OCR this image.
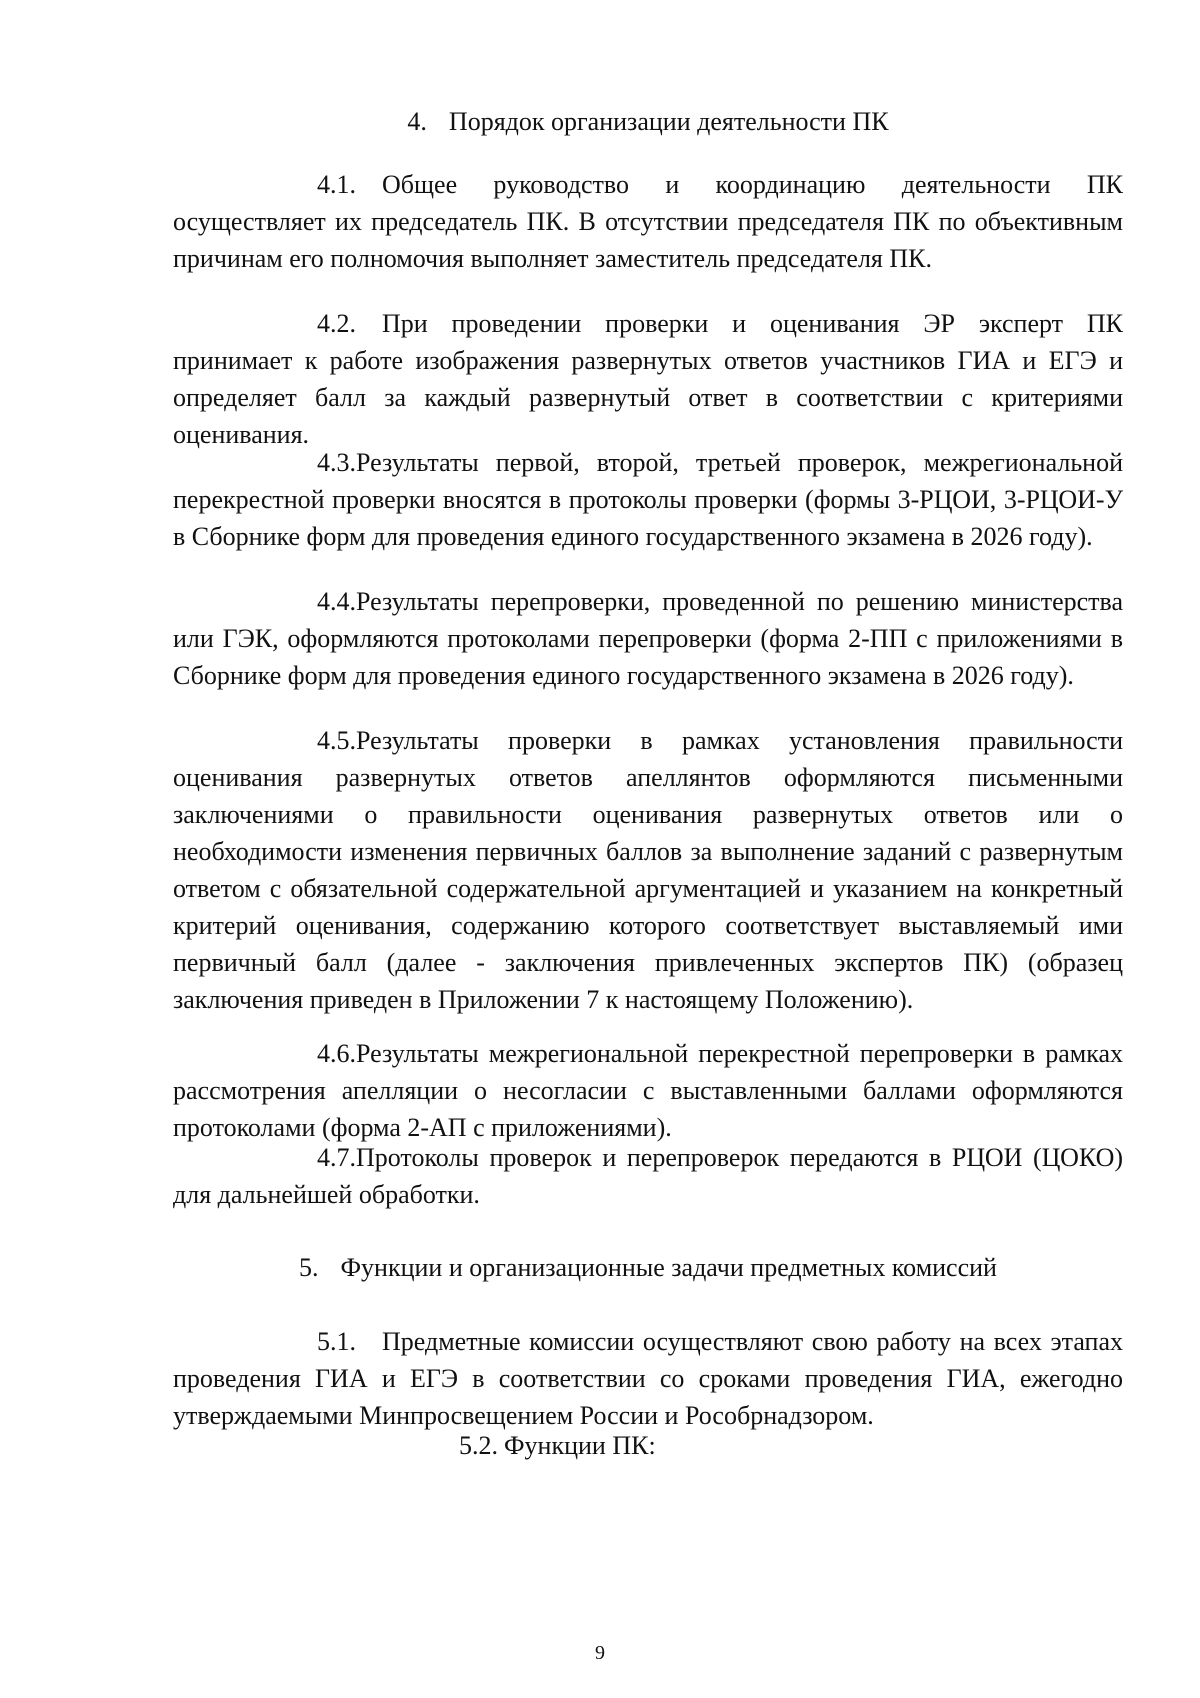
4. Порядок организации деятельности ПК
4.1. Общее руководство и координацию деятельности ПК осуществляет их председатель ПК. В отсутствии председателя ПК по объективным причинам его полномочия выполняет заместитель председателя ПК.
4.2. При проведении проверки и оценивания ЭР эксперт ПК принимает к работе изображения развернутых ответов участников ГИА и ЕГЭ и определяет балл за каждый развернутый ответ в соответствии с критериями оценивания.
4.3.Результаты первой, второй, третьей проверок, межрегиональной перекрестной проверки вносятся в протоколы проверки (формы 3-РЦОИ, 3-РЦОИ-У в Сборнике форм для проведения единого государственного экзамена в 2026 году).
4.4.Результаты перепроверки, проведенной по решению министерства или ГЭК, оформляются протоколами перепроверки (форма 2-ПП с приложениями в Сборнике форм для проведения единого государственного экзамена в 2026 году).
4.5.Результаты проверки в рамках установления правильности оценивания развернутых ответов апеллянтов оформляются письменными заключениями о правильности оценивания развернутых ответов или о необходимости изменения первичных баллов за выполнение заданий с развернутым ответом с обязательной содержательной аргументацией и указанием на конкретный критерий оценивания, содержанию которого соответствует выставляемый ими первичный балл (далее - заключения привлеченных экспертов ПК) (образец заключения приведен в Приложении 7 к настоящему Положению).
4.6.Результаты межрегиональной перекрестной перепроверки в рамках рассмотрения апелляции о несогласии с выставленными баллами оформляются протоколами (форма 2-АП с приложениями).
4.7.Протоколы проверок и перепроверок передаются в РЦОИ (ЦОКО) для дальнейшей обработки.
5. Функции и организационные задачи предметных комиссий
5.1. Предметные комиссии осуществляют свою работу на всех этапах проведения ГИА и ЕГЭ в соответствии со сроками проведения ГИА, ежегодно утверждаемыми Минпросвещением России и Рособрнадзором.
5.2. Функции ПК:
9
